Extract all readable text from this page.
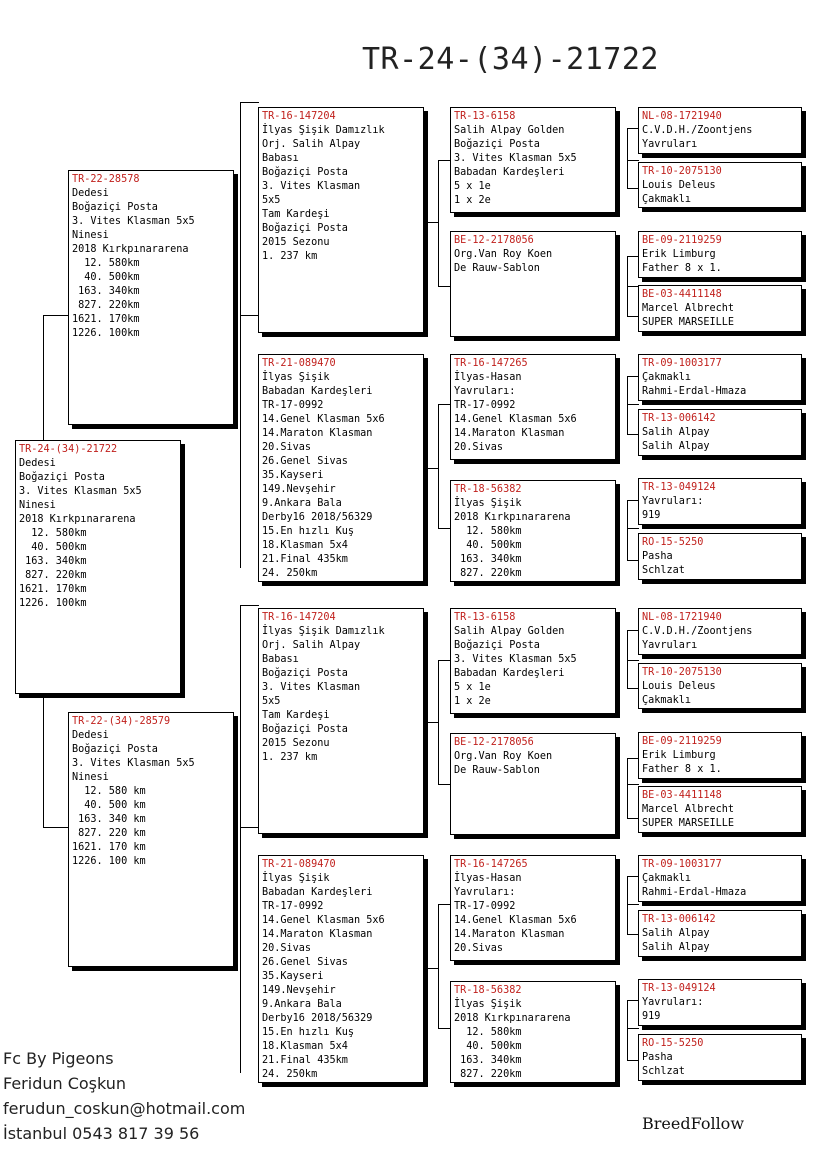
TR-24-(34)-21722
TR-24-(34)-21722
Dedesi
Boğaziçi Posta
3. Vites Klasman 5x5
Ninesi
2018 Kırkpınararena
12. 580km
40. 500km
163. 340km
827. 220km
1621. 170km
1226. 100km
TR-22-28578
Dedesi
Boğaziçi Posta
3. Vites Klasman 5x5
Ninesi
2018 Kırkpınararena
12. 580km
40. 500km
163. 340km
827. 220km
1621. 170km
1226. 100km
TR-22-(34)-28579
Dedesi
Boğaziçi Posta
3. Vites Klasman 5x5
Ninesi
12. 580 km
40. 500 km
163. 340 km
827. 220 km
1621. 170 km
1226. 100 km
TR-16-147204
İlyas Şişik Damızlık
Orj. Salih Alpay
Babası
Boğaziçi Posta
3. Vites Klasman
5x5
Tam Kardeşi
Boğaziçi Posta
2015 Sezonu
1. 237 km
TR-21-089470
İlyas Şişik
Babadan Kardeşleri
TR-17-0992
14.Genel Klasman 5x6
14.Maraton Klasman
20.Sivas
26.Genel Sivas
35.Kayseri
149.Nevşehir
9.Ankara Bala
Derby16 2018/56329
15.En hızlı Kuş
18.Klasman 5x4
21.Final 435km
24. 250km
TR-16-147204
İlyas Şişik Damızlık
Orj. Salih Alpay
Babası
Boğaziçi Posta
3. Vites Klasman
5x5
Tam Kardeşi
Boğaziçi Posta
2015 Sezonu
1. 237 km
TR-21-089470
İlyas Şişik
Babadan Kardeşleri
TR-17-0992
14.Genel Klasman 5x6
14.Maraton Klasman
20.Sivas
26.Genel Sivas
35.Kayseri
149.Nevşehir
9.Ankara Bala
Derby16 2018/56329
15.En hızlı Kuş
18.Klasman 5x4
21.Final 435km
24. 250km
TR-13-6158
Salih Alpay Golden
Boğaziçi Posta
3. Vites Klasman 5x5
Babadan Kardeşleri
5 x 1e
1 x 2e
BE-12-2178056
Org.Van Roy Koen
De Rauw-Sablon
TR-16-147265
İlyas-Hasan
Yavruları:
TR-17-0992
14.Genel Klasman 5x6
14.Maraton Klasman
20.Sivas
TR-18-56382
İlyas Şişik
2018 Kırkpınararena
12. 580km
40. 500km
163. 340km
827. 220km
TR-13-6158
Salih Alpay Golden
Boğaziçi Posta
3. Vites Klasman 5x5
Babadan Kardeşleri
5 x 1e
1 x 2e
BE-12-2178056
Org.Van Roy Koen
De Rauw-Sablon
TR-16-147265
İlyas-Hasan
Yavruları:
TR-17-0992
14.Genel Klasman 5x6
14.Maraton Klasman
20.Sivas
TR-18-56382
İlyas Şişik
2018 Kırkpınararena
12. 580km
40. 500km
163. 340km
827. 220km
NL-08-1721940
C.V.D.H./Zoontjens
Yavruları
TR-10-2075130
Louis Deleus
Çakmaklı
BE-09-2119259
Erik Limburg
Father 8 x 1.
BE-03-4411148
Marcel Albrecht
SUPER MARSEILLE
TR-09-1003177
Çakmaklı
Rahmi-Erdal-Hmaza
TR-13-006142
Salih Alpay
Salih Alpay
TR-13-049124
Yavruları:
919
RO-15-5250
Pasha
Schlzat
NL-08-1721940
C.V.D.H./Zoontjens
Yavruları
TR-10-2075130
Louis Deleus
Çakmaklı
BE-09-2119259
Erik Limburg
Father 8 x 1.
BE-03-4411148
Marcel Albrecht
SUPER MARSEILLE
TR-09-1003177
Çakmaklı
Rahmi-Erdal-Hmaza
TR-13-006142
Salih Alpay
Salih Alpay
TR-13-049124
Yavruları:
919
RO-15-5250
Pasha
Schlzat
Fc By Pigeons
Feridun Coşkun
ferudun_coskun@hotmail.com
İstanbul 0543 817 39 56
BreedFollow
